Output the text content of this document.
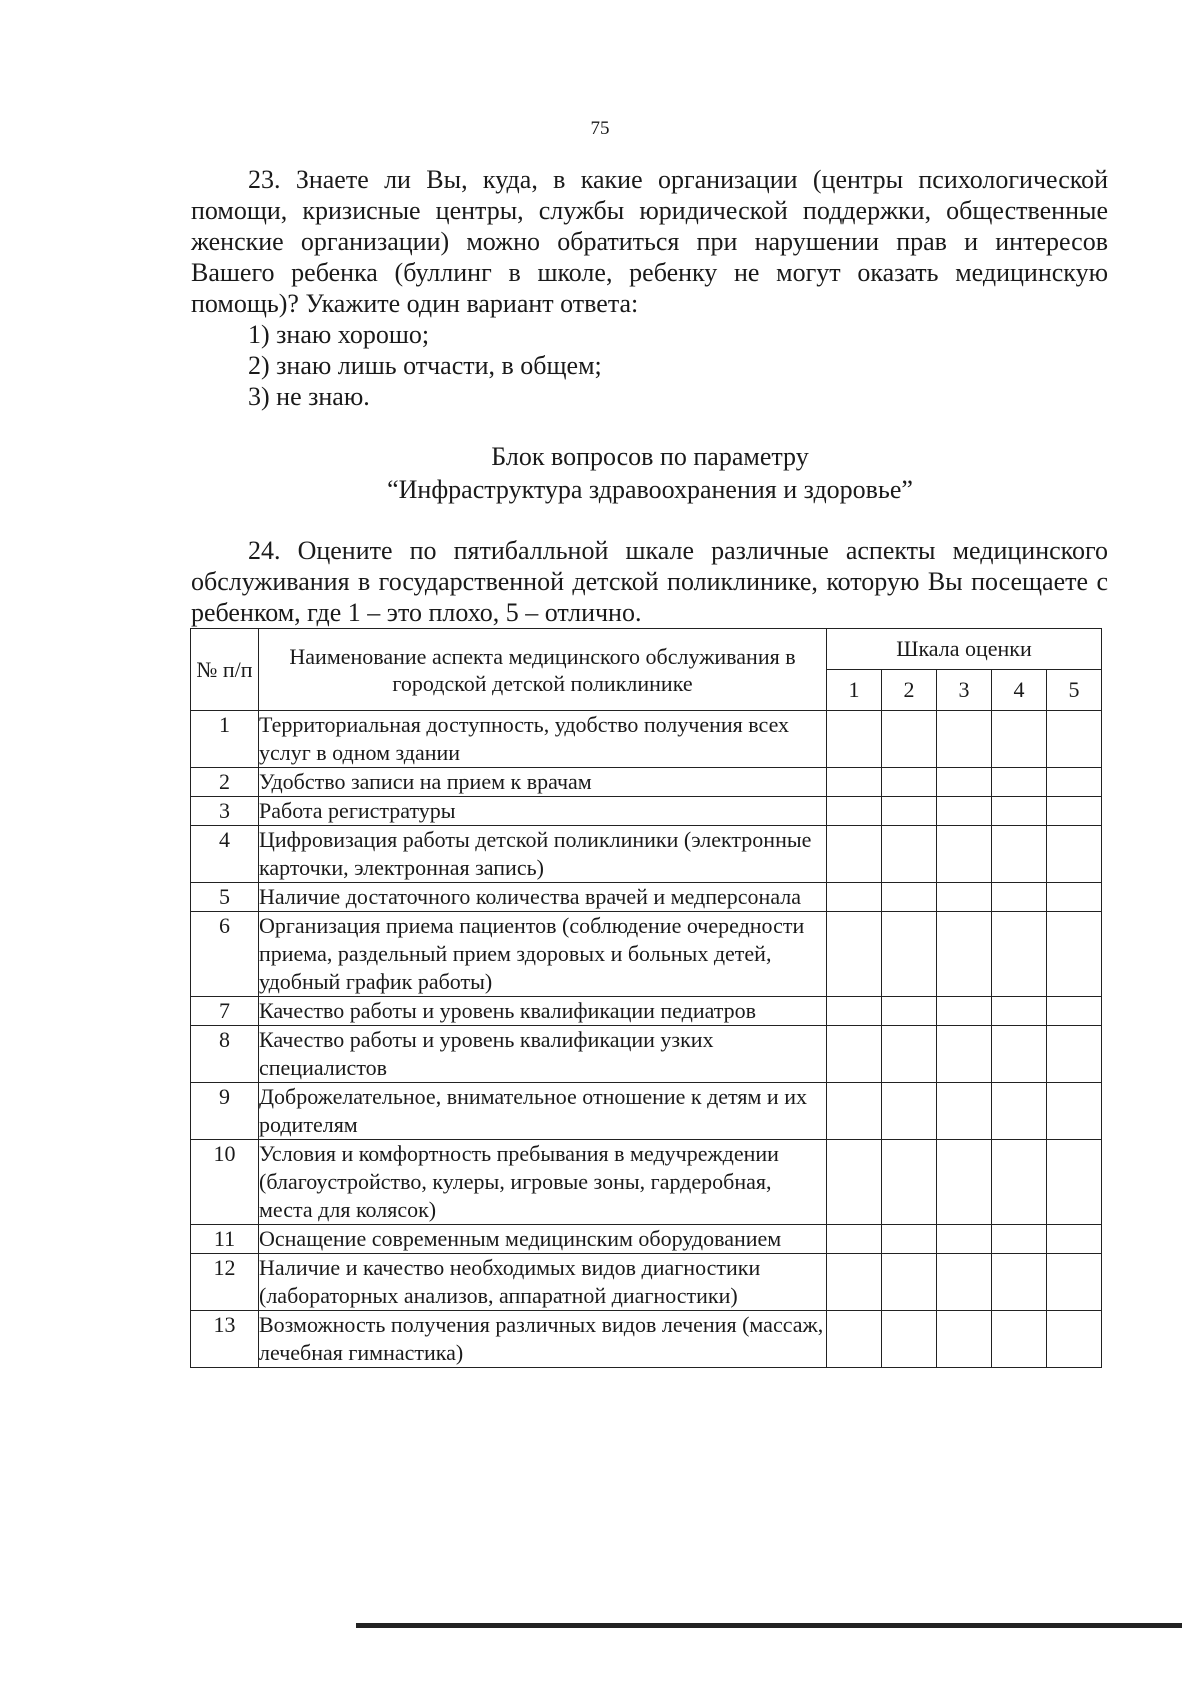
75

23. Знаете ли Вы, куда, в какие организации (центры психологической помощи, кризисные центры, службы юридической поддержки, общественные женские организации) можно обратиться при нарушении прав и интересов Вашего ребенка (буллинг в школе, ребенку не могут оказать медицинскую помощь)? Укажите один вариант ответа:

1) знаю хорошо;
2) знаю лишь отчасти, в общем;
3) не знаю.
Блок вопросов по параметру
“Инфраструктура здравоохранения и здоровье”

24. Оцените по пятибалльной шкале различные аспекты медицинского обслуживания в государственной детской поликлинике, которую Вы посещаете с ребенком, где 1 – это плохо, 5 – отлично.

№ п/п	Наименование аспекта медицинского обслуживания в городской детской поликлинике	Шкала оценки				
		1	2	3	4	5
1	Территориальная доступность, удобство получения всех услуг в одном здании					
2	Удобство записи на прием к врачам					
3	Работа регистратуры					
4	Цифровизация работы детской поликлиники (электронные карточки, электронная запись)					
5	Наличие достаточного количества врачей и медперсонала					
6	Организация приема пациентов (соблюдение очередности приема, раздельный прием здоровых и больных детей, удобный график работы)					
7	Качество работы и уровень квалификации педиатров					
8	Качество работы и уровень квалификации узких специалистов					
9	Доброжелательное, внимательное отношение к детям и их родителям					
10	Условия и комфортность пребывания в медучреждении (благоустройство, кулеры, игровые зоны, гардеробная, места для колясок)					
11	Оснащение современным медицинским оборудованием					
12	Наличие и качество необходимых видов диагностики (лабораторных анализов, аппаратной диагностики)					
13	Возможность получения различных видов лечения (массаж, лечебная гимнастика)					
